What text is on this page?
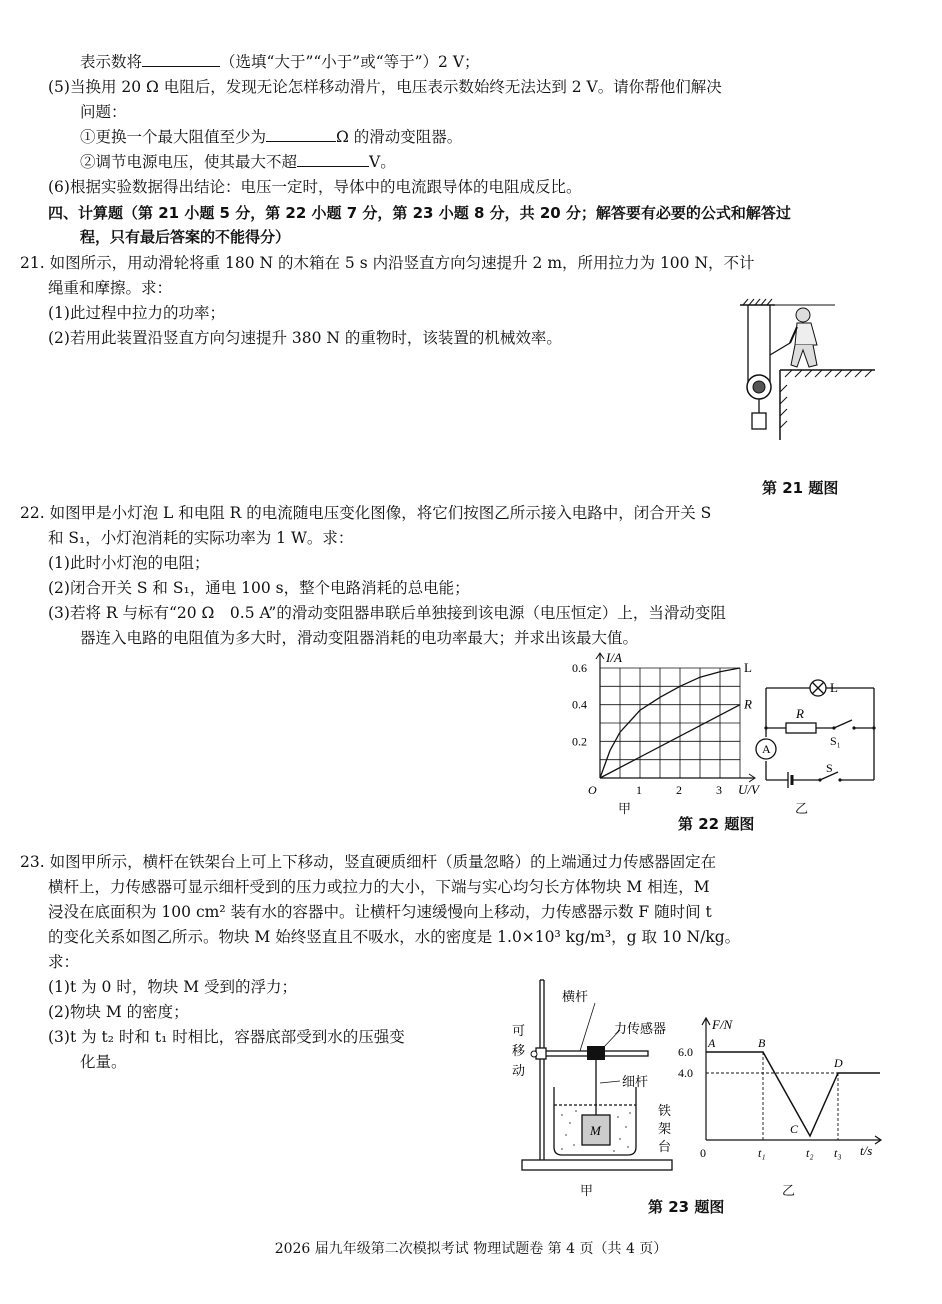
表示数将	（选填“大于”“小于”或“等于”）2 V；
(5)当换用 20 Ω 电阻后，发现无论怎样移动滑片，电压表示数始终无法达到 2 V。请你帮他们解决
问题：
①更换一个最大阻值至少为	Ω 的滑动变阻器。
②调节电源电压，使其最大不超	V。
(6)根据实验数据得出结论：电压一定时，导体中的电流跟导体的电阻成反比。
四、计算题（第 21 小题 5 分，第 22 小题 7 分，第 23 小题 8 分，共 20 分；解答要有必要的公式和解答过
程，只有最后答案的不能得分）
21. 如图所示，用动滑轮将重 180 N 的木箱在 5 s 内沿竖直方向匀速提升 2 m，所用拉力为 100 N，不计
绳重和摩擦。求：
(1)此过程中拉力的功率；
(2)若用此装置沿竖直方向匀速提升 380 N 的重物时，该装置的机械效率。
第 21 题图
22. 如图甲是小灯泡 L 和电阻 R 的电流随电压变化图像，将它们按图乙所示接入电路中，闭合开关 S
和 S₁，小灯泡消耗的实际功率为 1 W。求：
(1)此时小灯泡的电阻；
(2)闭合开关 S 和 S₁，通电 100 s，整个电路消耗的总电能；
(3)若将 R 与标有“20 Ω　0.5 A”的滑动变阻器串联后单独接到该电源（电压恒定）上，当滑动变阻
器连入电路的电阻值为多大时，滑动变阻器消耗的电功率最大；并求出该最大值。
1	2	3
0.2
0.4
0.6
O
I/A
U/V
L
R
甲
L
R
S₁
S
A
乙
第 22 题图
23. 如图甲所示，横杆在铁架台上可上下移动，竖直硬质细杆（质量忽略）的上端通过力传感器固定在
横杆上，力传感器可显示细杆受到的压力或拉力的大小，下端与实心均匀长方体物块 M 相连，M
浸没在底面积为 100 cm² 装有水的容器中。让横杆匀速缓慢向上移动，力传感器示数 F 随时间 t
的变化关系如图乙所示。物块 M 始终竖直且不吸水，水的密度是 1.0×10³ kg/m³，g 取 10 N/kg。
求：
(1)t 为 0 时，物块 M 受到的浮力；
(2)物块 M 的密度；
(3)t 为 t₂ 时和 t₁ 时相比，容器底部受到水的压强变
化量。
横杆
力传感器
可
移
动
细杆
铁
架
台
M
甲
F/N
t/s
0
6.0
4.0
t₁	t₂ t₃
A	B
C
D
乙
第 23 题图
2026 届九年级第二次模拟考试 物理试题卷 第 4 页（共 4 页）
